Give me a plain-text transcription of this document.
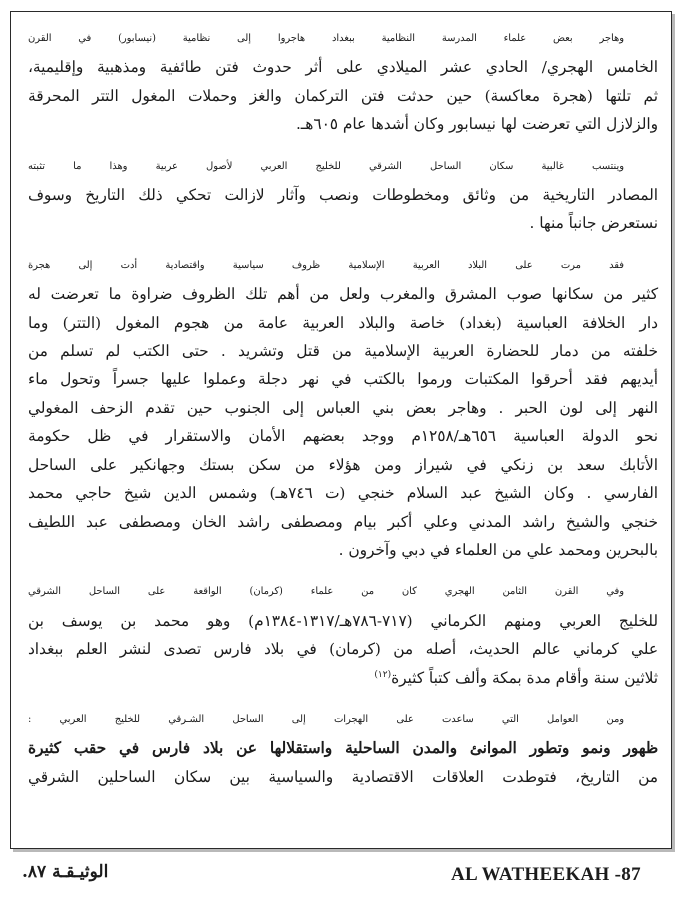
وهاجر بعض علماء المدرسة النظامية ببغداد هاجروا إلى نظامية (نيسابور) في القرن
الخامس الهجري/ الحادي عشر الميلادي على أثر حدوث فتن طائفية ومذهبية وإقليمية،
ثم تلتها (هجرة معاكسة) حين حدثت فتن التركمان والغز وحملات المغول التتر المحرقة
والزلازل التي تعرضت لها نيسابور وكان أشدها عام ٦٠٥هـ.

وينتسب غالبية سكان الساحل الشرقي للخليج العربي لأصول عربية وهذا ما تثبته
المصادر التاريخية من وثائق ومخطوطات ونصب وآثار لازالت تحكي ذلك التاريخ وسوف
نستعرض جانباً منها .

فقد مرت على البلاد العربية الإسلامية ظروف سياسية واقتصادية أدت إلى هجرة
كثير من سكانها صوب المشرق والمغرب ولعل من أهم تلك الظروف ضراوة ما تعرضت له
دار الخلافة العباسية (بغداد) خاصة والبلاد العربية عامة من هجوم المغول (التتر) وما
خلفته من دمار للحضارة العربية الإسلامية من قتل وتشريد . حتى الكتب لم تسلم من
أيديهم فقد أحرقوا المكتبات ورموا بالكتب في نهر دجلة وعملوا عليها جسراً وتحول ماء
النهر إلى لون الحبر . وهاجر بعض بني العباس إلى الجنوب حين تقدم الزحف المغولي
نحو الدولة العباسية ٦٥٦هـ/١٢٥٨م ووجد بعضهم الأمان والاستقرار في ظل حكومة
الأتابك سعد بن زنكي في شيراز ومن هؤلاء من سكن بستك وجهانكير على الساحل
الفارسي . وكان الشيخ عبد السلام خنجي (ت ٧٤٦هـ) وشمس الدين شيخ حاجي محمد
خنجي والشيخ راشد المدني وعلي أكبر بيام ومصطفى راشد الخان ومصطفى عبد اللطيف
بالبحرين ومحمد علي من العلماء في دبي وآخرون .

وفي القرن الثامن الهجري كان من علماء (كرمان) الواقعة على الساحل الشرقي
للخليج العربي ومنهم الكرماني (٧١٧-٧٨٦هـ/١٣١٧-١٣٨٤م) وهو محمد بن يوسف بن
علي كرماني عالم الحديث، أصله من (كرمان) في بلاد فارس تصدى لنشر العلم ببغداد
ثلاثين سنة وأقام مدة بمكة وألف كتباً كثيرة$^{(١٢)}$

ومن العوامل التي ساعدت على الهجرات إلى الساحل الشـرقي للخليج العربي :
ظهور ونمو وتطور الموانئ والمدن الساحلية واستقلالها عن بلاد فارس في حقب كثيرة
من التاريخ، فتوطدت العلاقات الاقتصادية والسياسية بين سكان الساحلين الشرقي

الوثيـقـة ٨٧.	AL WATHEEKAH -87
